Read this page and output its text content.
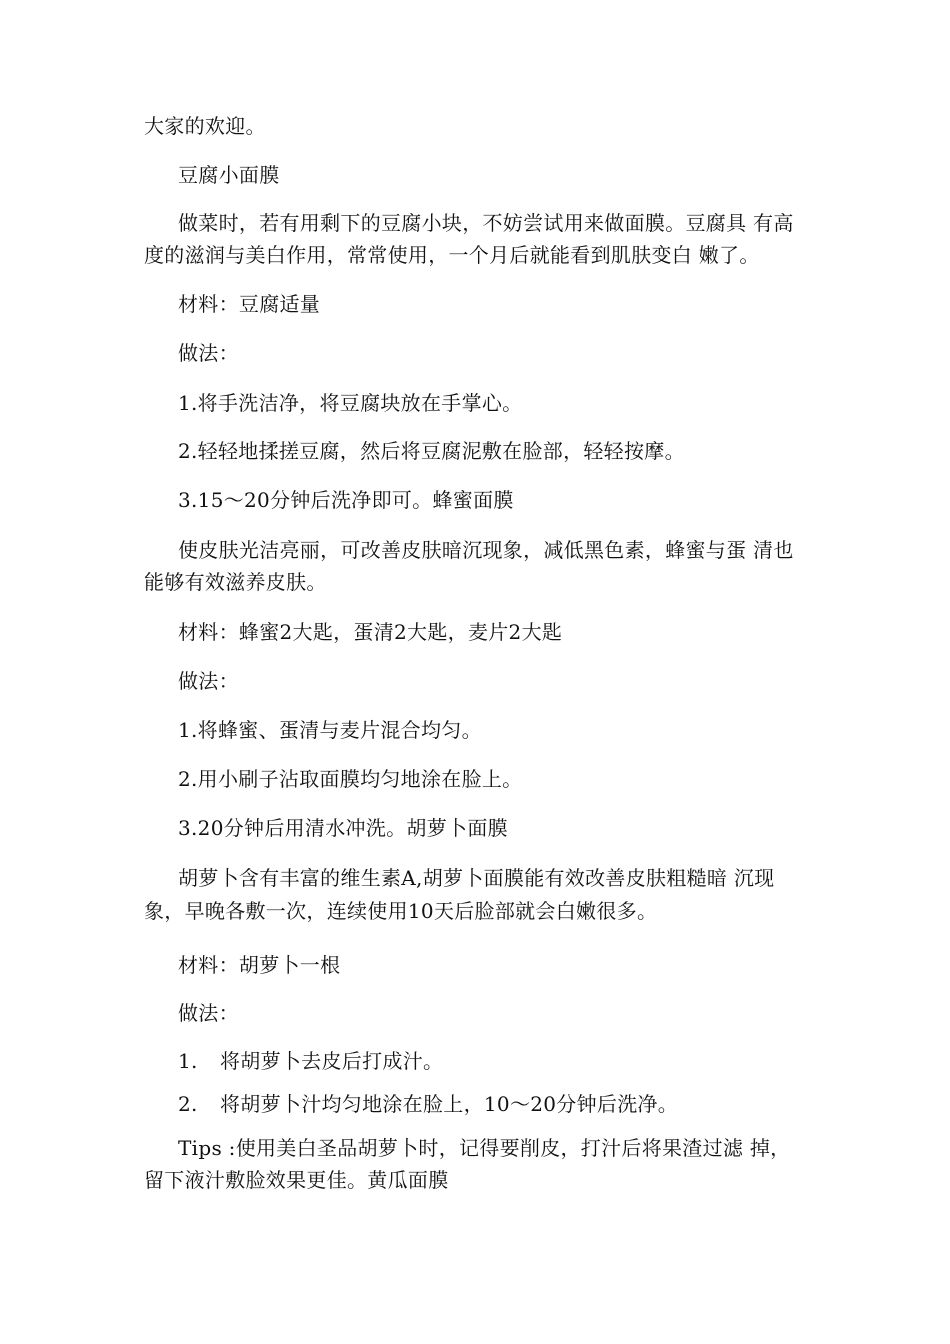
大家的欢迎。

豆腐小面膜

做菜时，若有用剩下的豆腐小块，不妨尝试用来做面膜。豆腐具 有高

度的滋润与美白作用，常常使用，一个月后就能看到肌肤变白 嫩了。

材料：豆腐适量

做法：

1.将手洗洁净，将豆腐块放在手掌心。

2.轻轻地揉搓豆腐，然后将豆腐泥敷在脸部，轻轻按摩。

3.15〜20分钟后洗净即可。蜂蜜面膜

使皮肤光洁亮丽，可改善皮肤暗沉现象，减低黑色素，蜂蜜与蛋 清也

能够有效滋养皮肤。

材料：蜂蜜2大匙，蛋清2大匙，麦片2大匙

做法：

1.将蜂蜜、蛋清与麦片混合均匀。

2.用小刷子沾取面膜均匀地涂在脸上。

3.20分钟后用清水冲洗。胡萝卜面膜

胡萝卜含有丰富的维生素A,胡萝卜面膜能有效改善皮肤粗糙暗 沉现

象，早晚各敷一次，连续使用10天后脸部就会白嫩很多。

材料：胡萝卜一根

做法：

1. 将胡萝卜去皮后打成汁。

2. 将胡萝卜汁均匀地涂在脸上，10〜20分钟后洗净。

Tips :使用美白圣品胡萝卜时，记得要削皮，打汁后将果渣过滤 掉，

留下液汁敷脸效果更佳。黄瓜面膜
